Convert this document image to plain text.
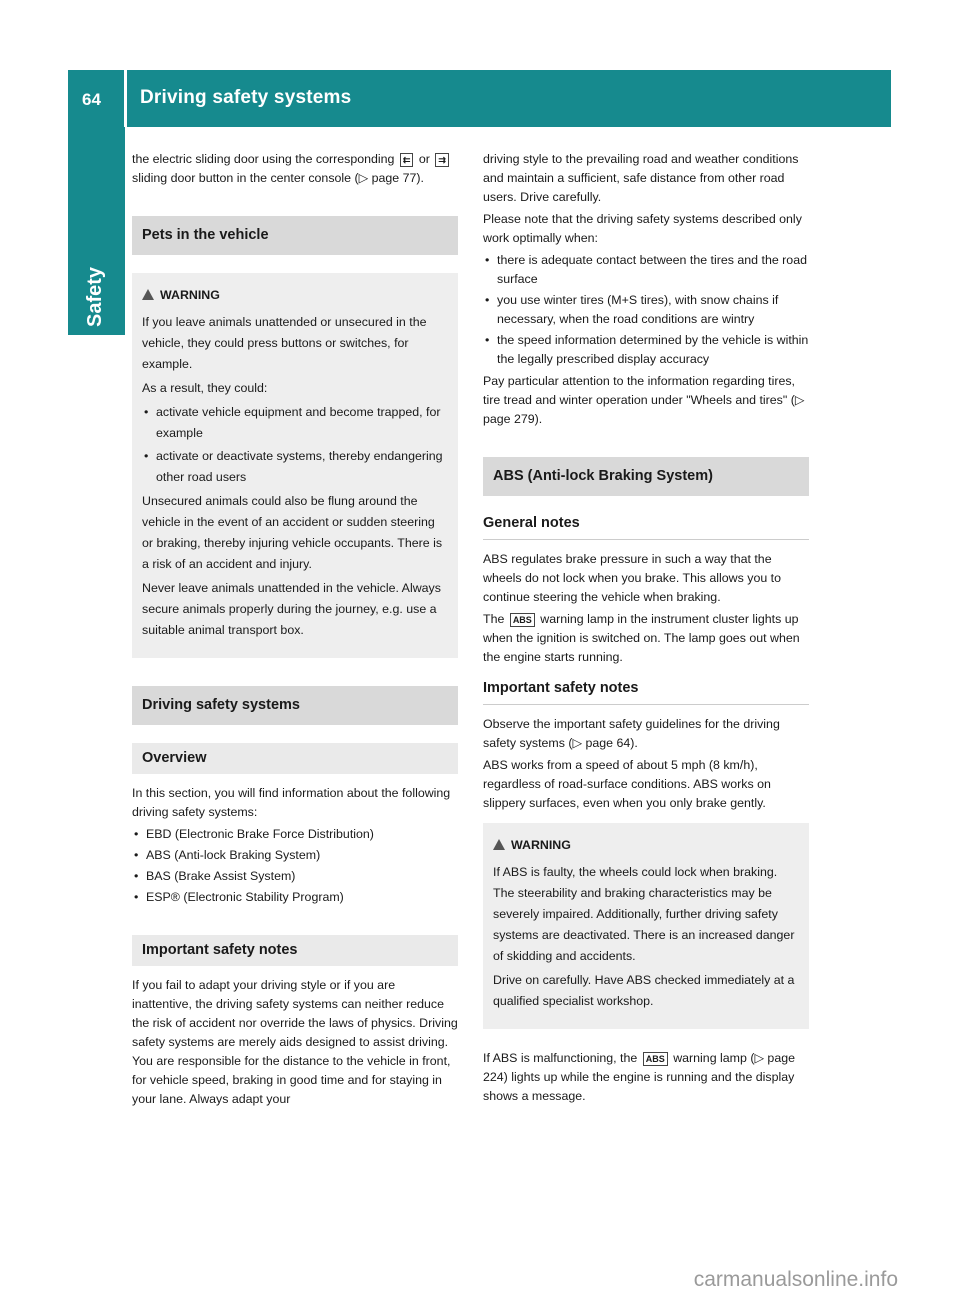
64 Driving safety systems
Safety

the electric sliding door using the corresponding ⇇ or ⇉ sliding door button in the center console (▷ page 77).

Pets in the vehicle
WARNING

If you leave animals unattended or unsecured in the vehicle, they could press buttons or switches, for example.

As a result, they could:

• activate vehicle equipment and become trapped, for example
• activate or deactivate systems, thereby endangering other road users

Unsecured animals could also be flung around the vehicle in the event of an accident or sudden steering or braking, thereby injuring vehicle occupants. There is a risk of an accident and injury.

Never leave animals unattended in the vehicle. Always secure animals properly during the journey, e.g. use a suitable animal transport box.

Driving safety systems
Overview

In this section, you will find information about the following driving safety systems:

• EBD (Electronic Brake Force Distribution)
• ABS (Anti-lock Braking System)
• BAS (Brake Assist System)
• ESP® (Electronic Stability Program)
Important safety notes

If you fail to adapt your driving style or if you are inattentive, the driving safety systems can neither reduce the risk of accident nor override the laws of physics. Driving safety systems are merely aids designed to assist driving. You are responsible for the distance to the vehicle in front, for vehicle speed, braking in good time and for staying in your lane. Always adapt your

driving style to the prevailing road and weather conditions and maintain a sufficient, safe distance from other road users. Drive carefully.

Please note that the driving safety systems described only work optimally when:

• there is adequate contact between the tires and the road surface
• you use winter tires (M+S tires), with snow chains if necessary, when the road conditions are wintry
• the speed information determined by the vehicle is within the legally prescribed display accuracy

Pay particular attention to the information regarding tires, tire tread and winter operation under "Wheels and tires" (▷ page 279).

ABS (Anti-lock Braking System)
General notes

ABS regulates brake pressure in such a way that the wheels do not lock when you brake. This allows you to continue steering the vehicle when braking.

The ABS warning lamp in the instrument cluster lights up when the ignition is switched on. The lamp goes out when the engine starts running.

Important safety notes

Observe the important safety guidelines for the driving safety systems (▷ page 64).

ABS works from a speed of about 5 mph (8 km/h), regardless of road-surface conditions. ABS works on slippery surfaces, even when you only brake gently.

WARNING

If ABS is faulty, the wheels could lock when braking. The steerability and braking characteristics may be severely impaired. Additionally, further driving safety systems are deactivated. There is an increased danger of skidding and accidents.

Drive on carefully. Have ABS checked immediately at a qualified specialist workshop.

If ABS is malfunctioning, the ABS warning lamp (▷ page 224) lights up while the engine is running and the display shows a message.

carmanualsonline.info
